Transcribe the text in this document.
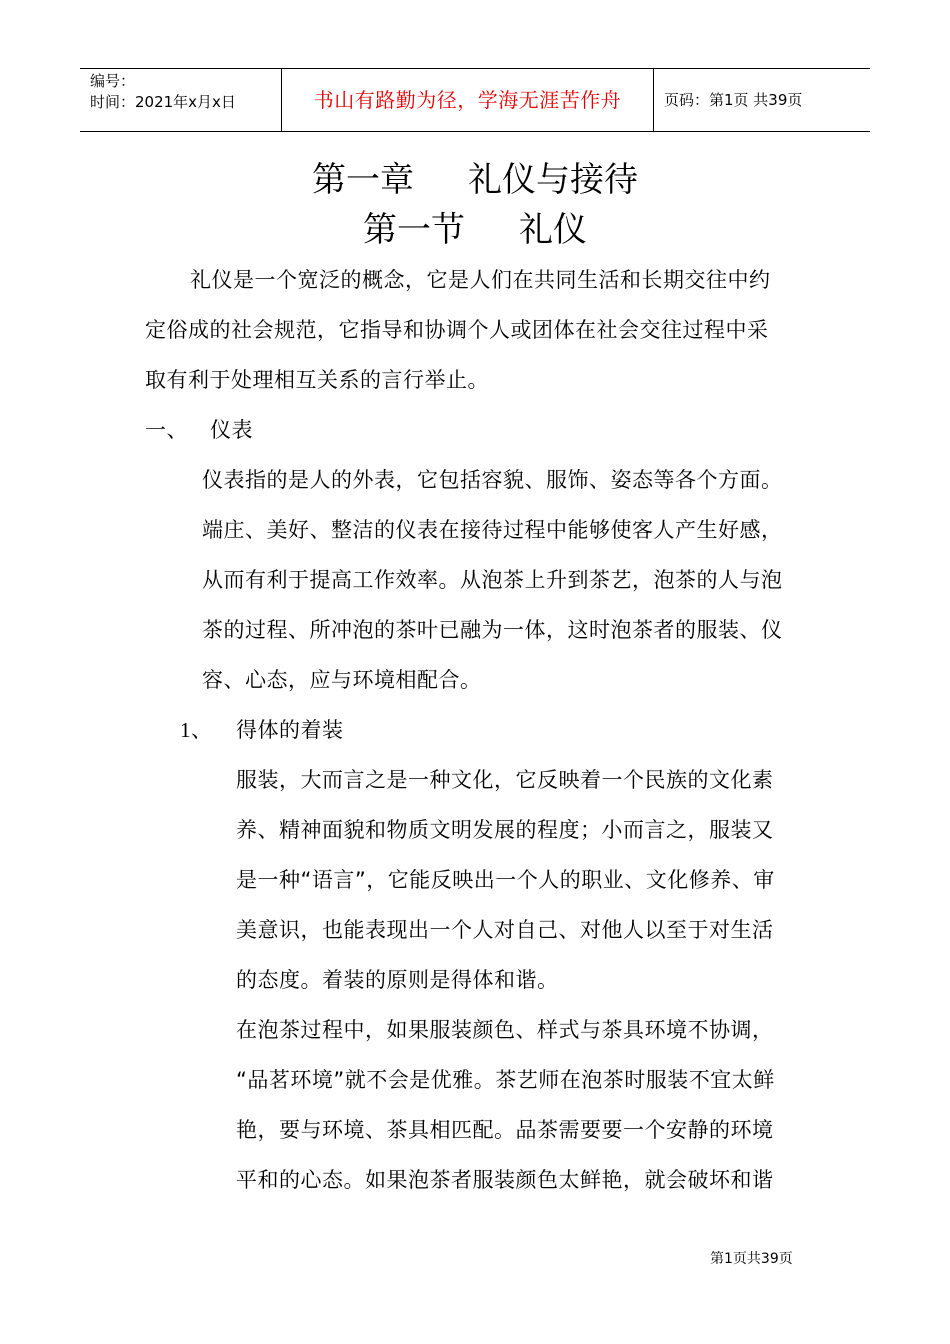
编号：
时间：2021年x月x日	书山有路勤为径，学海无涯苦作舟	页码：第1页 共39页
第一章 礼仪与接待
第一节 礼仪
礼仪是一个宽泛的概念，它是人们在共同生活和长期交往中约
定俗成的社会规范，它指导和协调个人或团体在社会交往过程中采
取有利于处理相互关系的言行举止。
一、 仪表
仪表指的是人的外表，它包括容貌、服饰、姿态等各个方面。
端庄、美好、整洁的仪表在接待过程中能够使客人产生好感，
从而有利于提高工作效率。从泡茶上升到茶艺，泡茶的人与泡
茶的过程、所冲泡的茶叶已融为一体，这时泡茶者的服装、仪
容、心态，应与环境相配合。
1、 得体的着装
服装，大而言之是一种文化，它反映着一个民族的文化素
养、精神面貌和物质文明发展的程度；小而言之，服装又
是一种“语言”，它能反映出一个人的职业、文化修养、审
美意识，也能表现出一个人对自己、对他人以至于对生活
的态度。着装的原则是得体和谐。
在泡茶过程中，如果服装颜色、样式与茶具环境不协调，
“品茗环境”就不会是优雅。茶艺师在泡茶时服装不宜太鲜
艳，要与环境、茶具相匹配。品茶需要要一个安静的环境
平和的心态。如果泡茶者服装颜色太鲜艳，就会破坏和谐
第1页共39页
